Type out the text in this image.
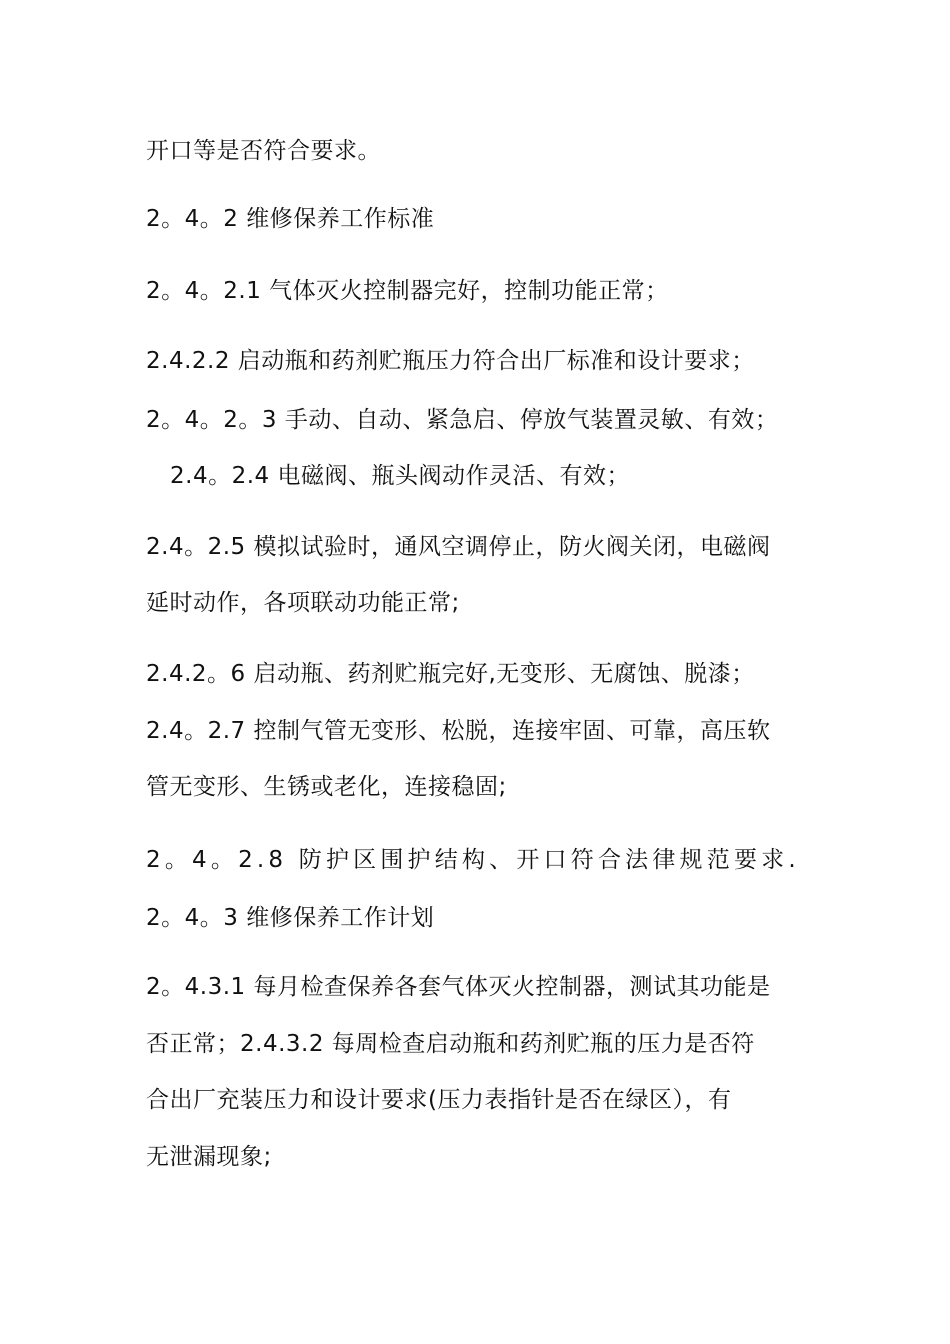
开口等是否符合要求。
2。4。2 维修保养工作标准
2。4。2.1 气体灭火控制器完好，控制功能正常；
2.4.2.2 启动瓶和药剂贮瓶压力符合出厂标准和设计要求；
2。4。2。3 手动、自动、紧急启、停放气装置灵敏、有效；
2.4。2.4 电磁阀、瓶头阀动作灵活、有效；
2.4。2.5 模拟试验时，通风空调停止，防火阀关闭，电磁阀
延时动作，各项联动功能正常;
2.4.2。6 启动瓶、药剂贮瓶完好,无变形、无腐蚀、脱漆；
2.4。2.7 控制气管无变形、松脱，连接牢固、可靠，高压软
管无变形、生锈或老化，连接稳固;
2。4。2.8 防护区围护结构、开口符合法律规范要求.
2。4。3 维修保养工作计划
2。4.3.1 每月检查保养各套气体灭火控制器，测试其功能是
否正常；2.4.3.2 每周检查启动瓶和药剂贮瓶的压力是否符
合出厂充装压力和设计要求(压力表指针是否在绿区），有
无泄漏现象;
